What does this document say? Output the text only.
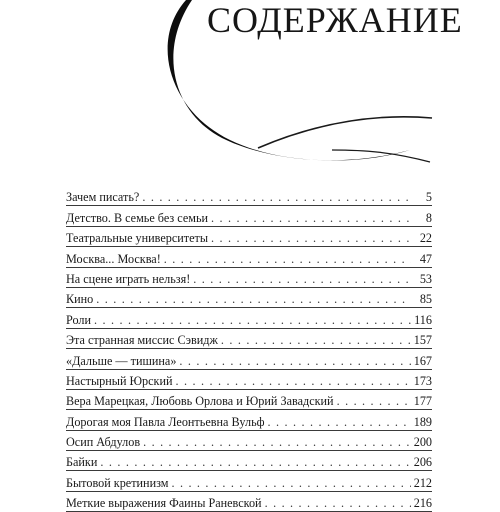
СОДЕРЖАНИЕ
Зачем писать? . . .	5
Детство. В семье без семьи . . .	8
Театральные университеты . . .	22
Москва... Москва! . . .	47
На сцене играть нельзя! . . .	53
Кино . . .	85
Роли . . .	116
Эта странная миссис Сэвидж . . .	157
«Дальше — тишина» . . .	167
Настырный Юрский . . .	173
Вера Марецкая, Любовь Орлова и Юрий Завадский . . .	177
Дорогая моя Павла Леонтьевна Вульф . . .	189
Осип Абдулов . . .	200
Байки . . .	206
Бытовой кретинизм . . .	212
Меткие выражения Фаины Раневской . . .	216
